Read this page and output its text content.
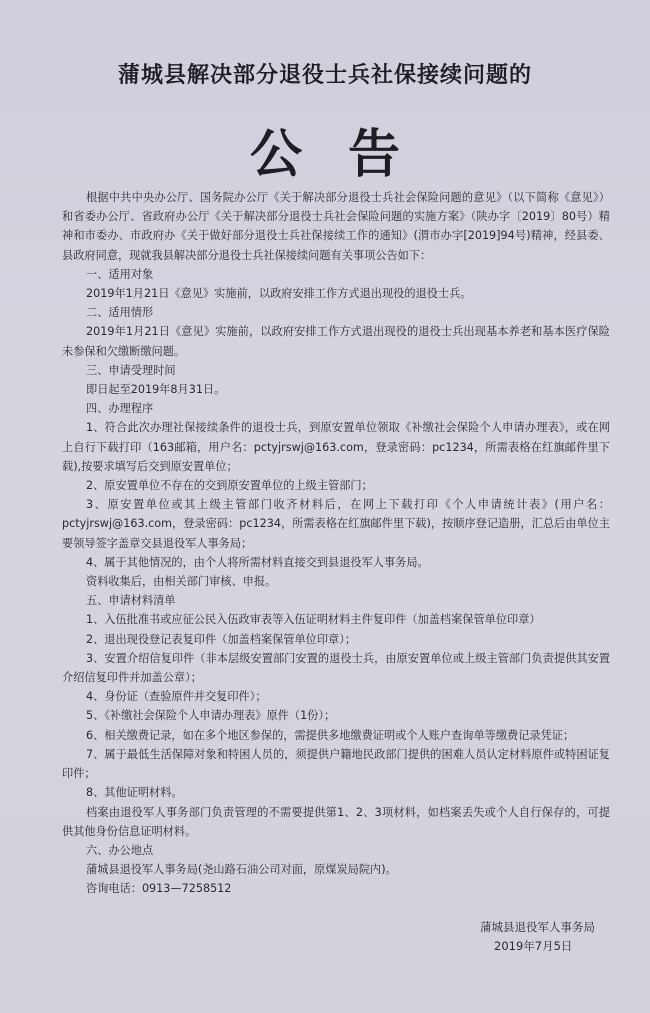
蒲城县解决部分退役士兵社保接续问题的
公告

根据中共中央办公厅、国务院办公厅《关于解决部分退役士兵社会保险问题的意见》（以下简称《意见》）和省委办公厅、省政府办公厅《关于解决部分退役士兵社会保险问题的实施方案》（陕办字〔2019〕80号）精神和市委办、市政府办《关于做好部分退役士兵社保接续工作的通知》(渭市办字[2019]94号)精神，经县委、县政府同意，现就我县解决部分退役士兵社保接续问题有关事项公告如下：

一、适用对象

2019年1月21日《意见》实施前，以政府安排工作方式退出现役的退役士兵。

二、适用情形

2019年1月21日《意见》实施前，以政府安排工作方式退出现役的退役士兵出现基本养老和基本医疗保险未参保和欠缴断缴问题。

三、申请受理时间

即日起至2019年8月31日。

四、办理程序

1、符合此次办理社保接续条件的退役士兵，到原安置单位领取《补缴社会保险个人申请办理表》，或在网上自行下载打印（163邮箱，用户名：pctyjrswj@163.com，登录密码：pc1234，所需表格在红旗邮件里下载),按要求填写后交到原安置单位；

2、原安置单位不存在的交到原安置单位的上级主管部门；

3、原安置单位或其上级主管部门收齐材料后，在网上下载打印《个人申请统计表》(用户名：pctyjrswj@163.com，登录密码：pc1234，所需表格在红旗邮件里下载)，按顺序登记造册，汇总后由单位主要领导签字盖章交县退役军人事务局；

4、属于其他情况的，由个人将所需材料直接交到县退役军人事务局。

资料收集后，由相关部门审核、申报。

五、申请材料清单

1、入伍批准书或应征公民入伍政审表等入伍证明材料主件复印件（加盖档案保管单位印章）

2、退出现役登记表复印件（加盖档案保管单位印章）；

3、安置介绍信复印件（非本层级安置部门安置的退役士兵，由原安置单位或上级主管部门负责提供其安置介绍信复印件并加盖公章）；

4、身份证（查验原件并交复印件）；

5、《补缴社会保险个人申请办理表》原件（1份）；

6、相关缴费记录，如在多个地区参保的，需提供多地缴费证明或个人账户查询单等缴费记录凭证；

7、属于最低生活保障对象和特困人员的，须提供户籍地民政部门提供的困难人员认定材料原件或特困证复印件；

8、其他证明材料。

档案由退役军人事务部门负责管理的不需要提供第1、2、3项材料，如档案丢失或个人自行保存的，可提供其他身份信息证明材料。

六、办公地点

蒲城县退役军人事务局(尧山路石油公司对面，原煤炭局院内)。

咨询电话：0913—7258512

蒲城县退役军人事务局
2019年7月5日
